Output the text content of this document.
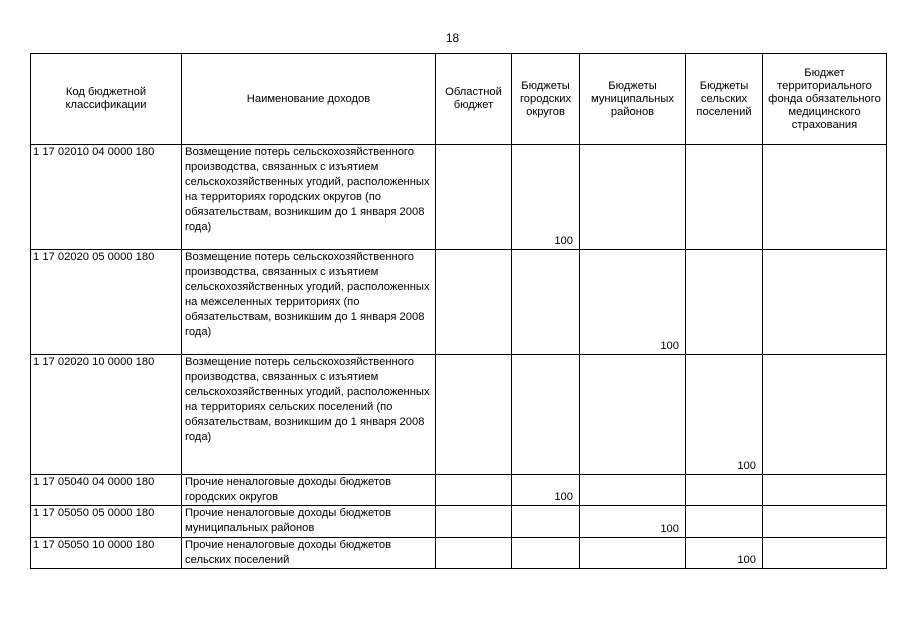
18
Код бюджетной классификации	Наименование доходов	Областной бюджет	Бюджеты городских округов	Бюджеты муниципальных районов	Бюджеты сельских поселений	Бюджет территориального фонда обязательного медицинского страхования
1 17 02010 04 0000 180	Возмещение потерь сельскохозяйственного производства, связанных с изъятием сельскохозяйственных угодий, расположенных на территориях городских округов (по обязательствам, возникшим до 1 января 2008 года)		100			
1 17 02020 05 0000 180	Возмещение потерь сельскохозяйственного производства, связанных с изъятием сельскохозяйственных угодий, расположенных на межселенных территориях (по обязательствам, возникшим до 1 января 2008 года)			100		
1 17 02020 10 0000 180	Возмещение потерь сельскохозяйственного производства, связанных с изъятием сельскохозяйственных угодий, расположенных на территориях сельских поселений (по обязательствам, возникшим до 1 января 2008 года)				100	
1 17 05040 04 0000 180	Прочие неналоговые доходы бюджетов городских округов		100			
1 17 05050 05 0000 180	Прочие неналоговые доходы бюджетов муниципальных районов			100		
1 17 05050 10 0000 180	Прочие неналоговые доходы бюджетов сельских поселений				100	
